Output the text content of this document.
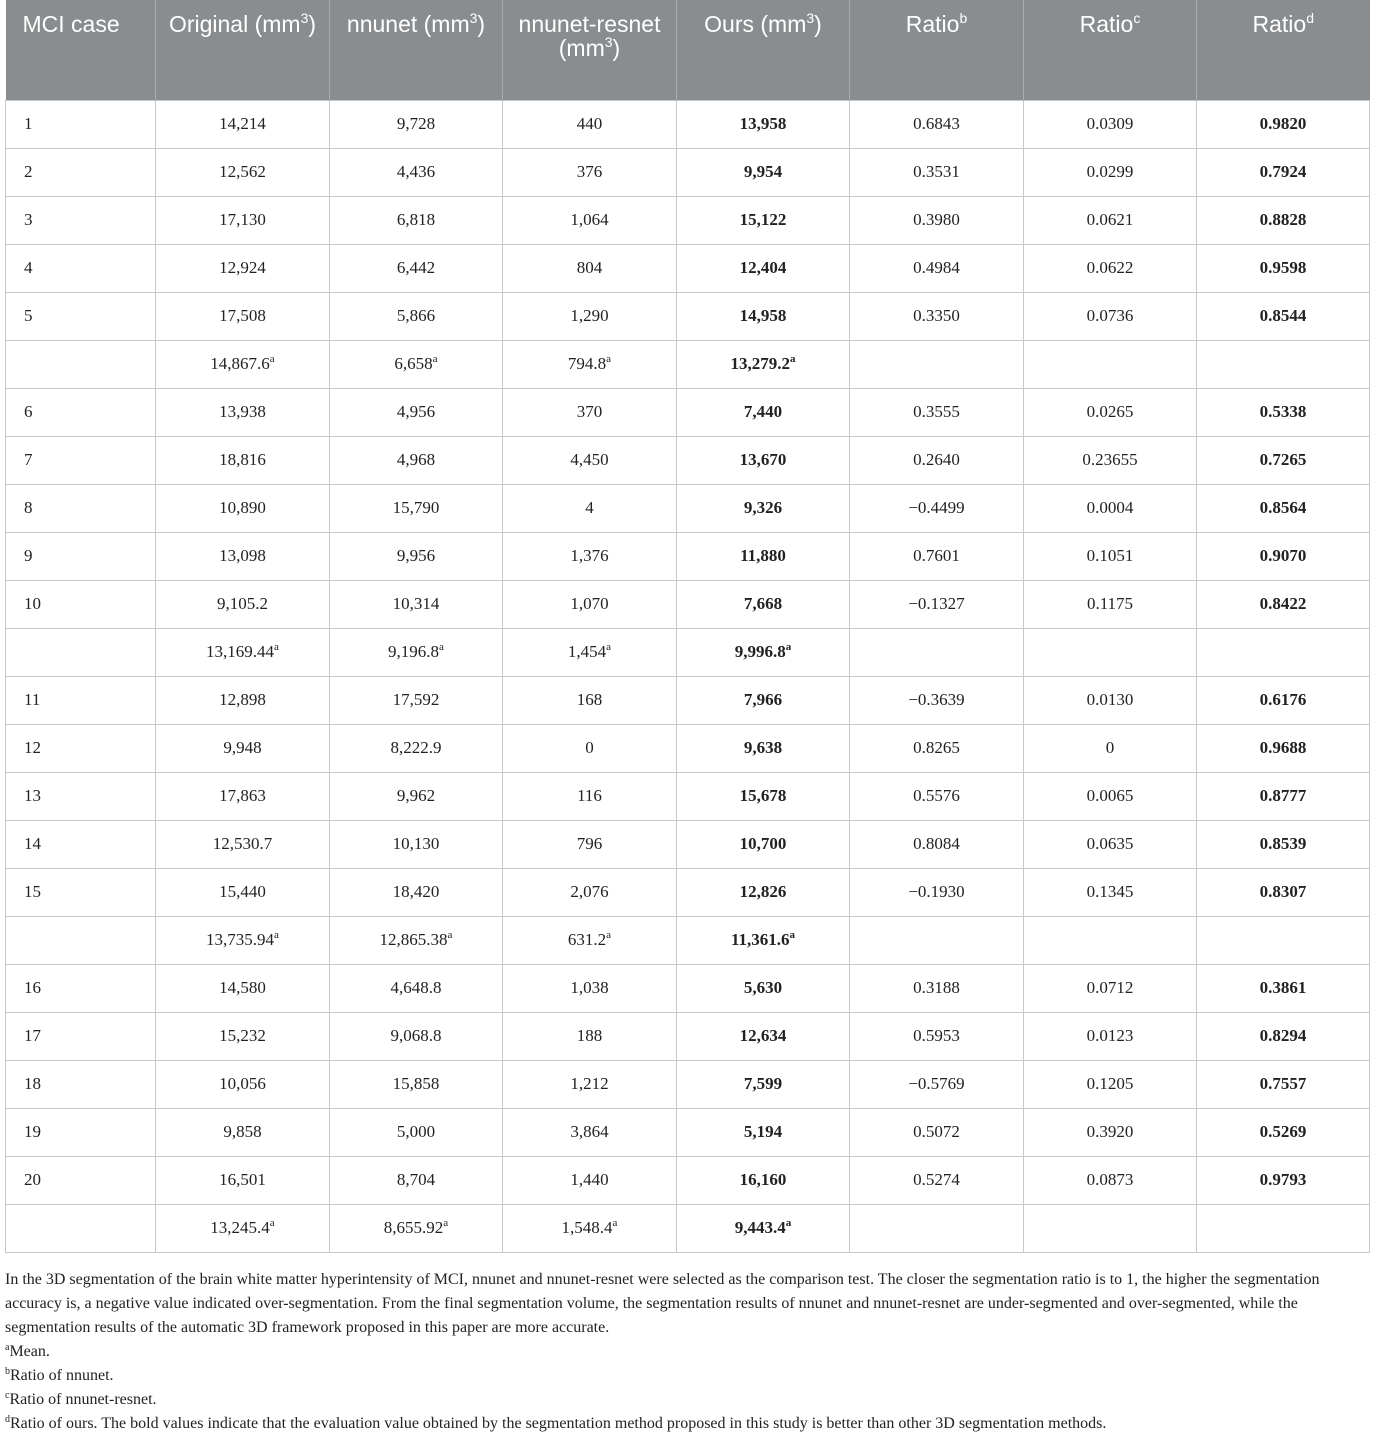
MCI case	Original $(mm^3)$	nnunet $(mm^3)$	nnunet-resnet $(mm^3)$	Ours $(mm^3)$	Ratio$^b$	Ratio$^c$	Ratio$^d$
1	14,214	9,728	440	13,958	0.6843	0.0309	0.9820
2	12,562	4,436	376	9,954	0.3531	0.0299	0.7924
3	17,130	6,818	1,064	15,122	0.3980	0.0621	0.8828
4	12,924	6,442	804	12,404	0.4984	0.0622	0.9598
5	17,508	5,866	1,290	14,958	0.3350	0.0736	0.8544
	14,867.6$^a$	6,658$^a$	794.8$^a$	13,279.2$^a$			
6	13,938	4,956	370	7,440	0.3555	0.0265	0.5338
7	18,816	4,968	4,450	13,670	0.2640	0.23655	0.7265
8	10,890	15,790	4	9,326	−0.4499	0.0004	0.8564
9	13,098	9,956	1,376	11,880	0.7601	0.1051	0.9070
10	9,105.2	10,314	1,070	7,668	−0.1327	0.1175	0.8422
	13,169.44$^a$	9,196.8$^a$	1,454$^a$	9,996.8$^a$			
11	12,898	17,592	168	7,966	−0.3639	0.0130	0.6176
12	9,948	8,222.9	0	9,638	0.8265	0	0.9688
13	17,863	9,962	116	15,678	0.5576	0.0065	0.8777
14	12,530.7	10,130	796	10,700	0.8084	0.0635	0.8539
15	15,440	18,420	2,076	12,826	−0.1930	0.1345	0.8307
	13,735.94$^a$	12,865.38$^a$	631.2$^a$	11,361.6$^a$			
16	14,580	4,648.8	1,038	5,630	0.3188	0.0712	0.3861
17	15,232	9,068.8	188	12,634	0.5953	0.0123	0.8294
18	10,056	15,858	1,212	7,599	−0.5769	0.1205	0.7557
19	9,858	5,000	3,864	5,194	0.5072	0.3920	0.5269
20	16,501	8,704	1,440	16,160	0.5274	0.0873	0.9793
	13,245.4$^a$	8,655.92$^a$	1,548.4$^a$	9,443.4$^a$			

In the 3D segmentation of the brain white matter hyperintensity of MCI, nnunet and nnunet-resnet were selected as the comparison test. The closer the segmentation ratio is to 1, the higher the segmentation accuracy is, a negative value indicated over-segmentation. From the final segmentation volume, the segmentation results of nnunet and nnunet-resnet are under-segmented and over-segmented, while the segmentation results of the automatic 3D framework proposed in this paper are more accurate.

$^a$Mean.

$^b$Ratio of nnunet.

$^c$Ratio of nnunet-resnet.

$^d$Ratio of ours. The bold values indicate that the evaluation value obtained by the segmentation method proposed in this study is better than other 3D segmentation methods.
